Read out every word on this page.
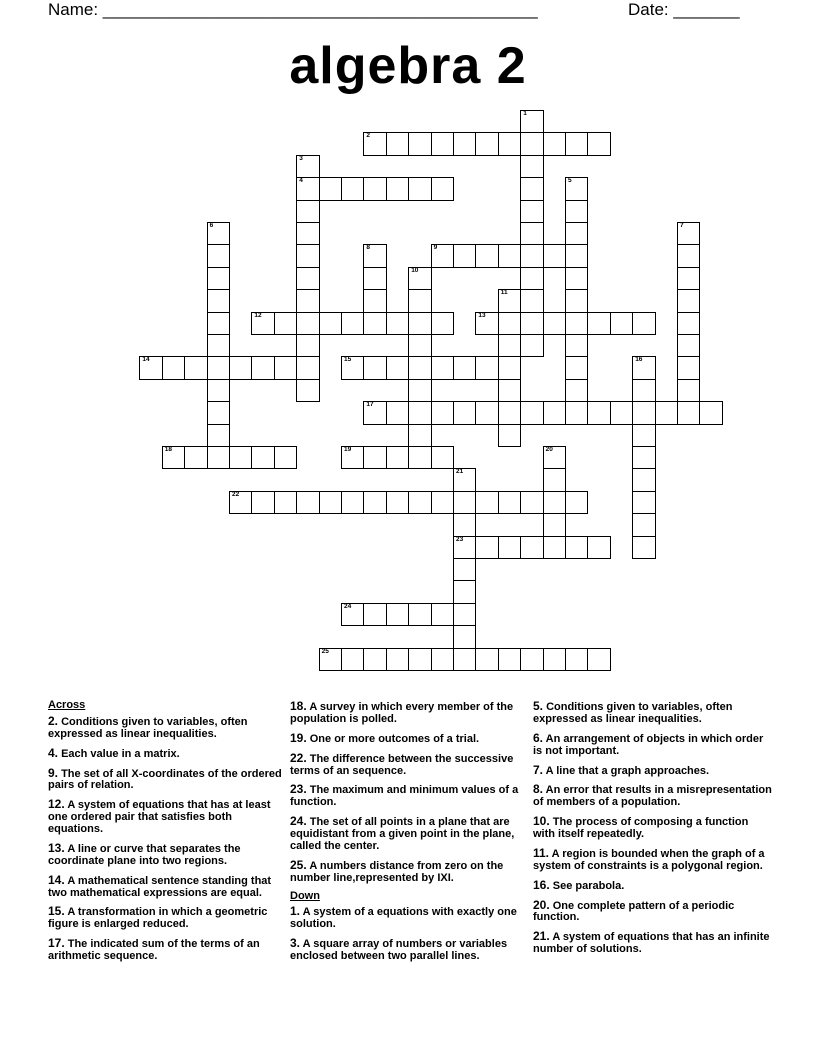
Name: ______________________________________________	Date: _______
algebra 2
1
2
3
4	5
6	7
8	9
10
11
12	13
14	15	16
17
18	19	20
21
23
22
24
25
Across
2. Conditions given to variables, often expressed as linear inequalities.
4. Each value in a matrix.
9. The set of all X-coordinates of the ordered pairs of relation.
12. A system of equations that has at least one ordered pair that satisfies both equations.
13. A line or curve that separates the coordinate plane into two regions.
14. A mathematical sentence standing that two mathematical expressions are equal.
15. A transformation in which a geometric figure is enlarged reduced.
17. The indicated sum of the terms of an arithmetic sequence.
18. A survey in which every member of the population is polled.
19. One or more outcomes of a trial.
22. The difference between the successive terms of an sequence.
23. The maximum and minimum values of a function.
24. The set of all points in a plane that are equidistant from a given point in the plane, called the center.
25. A numbers distance from zero on the number line,represented by IXI.
Down
1. A system of a equations with exactly one solution.
3. A square array of numbers or variables enclosed between two parallel lines.
5. Conditions given to variables, often expressed as linear inequalities.
6. An arrangement of objects in which order is not important.
7. A line that a graph approaches.
8. An error that results in a misrepresentation of members of a population.
10. The process of composing a function with itself repeatedly.
11. A region is bounded when the graph of a system of constraints is a polygonal region.
16. See parabola.
20. One complete pattern of a periodic function.
21. A system of equations that has an infinite number of solutions.
